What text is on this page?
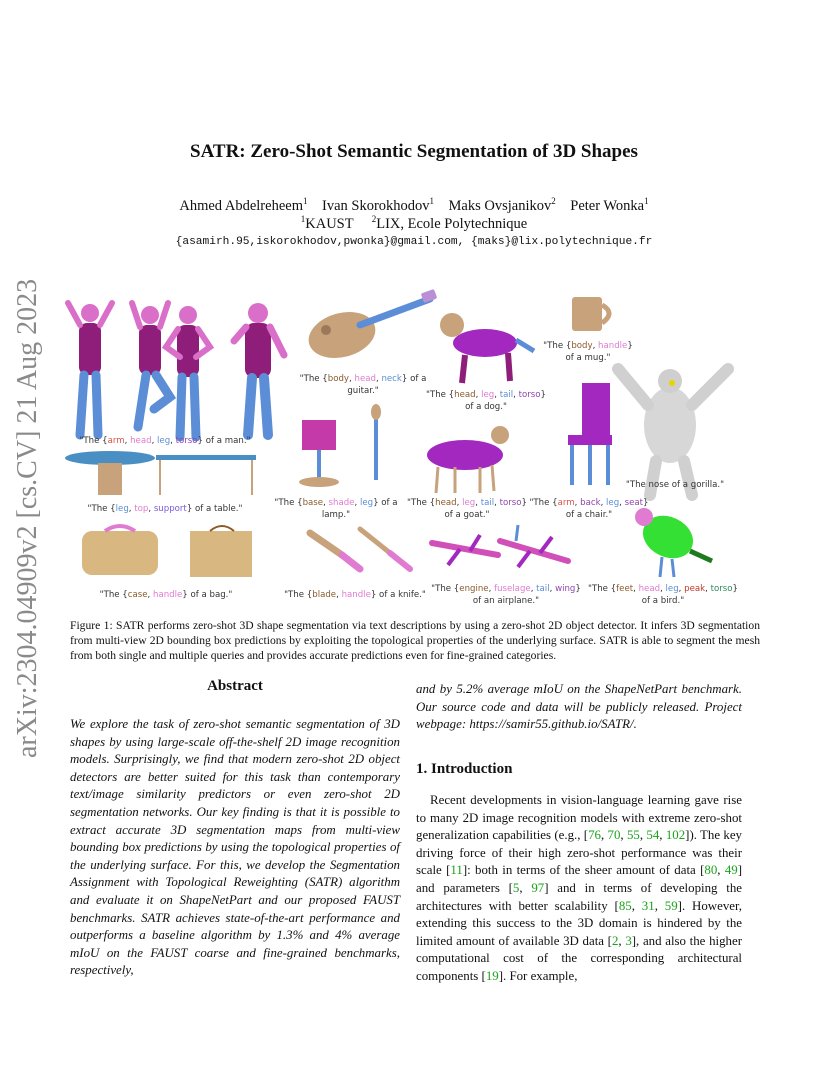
arXiv:2304.04909v2 [cs.CV] 21 Aug 2023
SATR: Zero-Shot Semantic Segmentation of 3D Shapes
Ahmed Abdelreheem$^1$ Ivan Skorokhodov$^1$ Maks Ovsjanikov$^2$ Peter Wonka$^1$
$^1$KAUST $^2$LIX, Ecole Polytechnique
{asamirh.95,iskorokhodov,pwonka}@gmail.com, {maks}@lix.polytechnique.fr
"The {arm, head, leg, torso} of a man."
"The {body, head, neck} of a guitar."	"The {head, leg, tail, torso} of a dog."
"The {body, handle} of a mug."
"The {leg, top, support} of a table."
"The {base, shade, leg} of a lamp."
"The {head, leg, tail, torso} of a goat."
"The {arm, back, leg, seat} of a chair."
"The nose of a gorilla."
"The {case, handle} of a bag."	"The {blade, handle} of a knife."
"The {engine, fuselage, tail, wing} of an airplane."
"The {feet, head, leg, peak, torso} of a bird."
Figure 1: SATR performs zero-shot 3D shape segmentation via text descriptions by using a zero-shot 2D object detector. It infers 3D segmentation from multi-view 2D bounding box predictions by exploiting the topological properties of the underlying surface. SATR is able to segment the mesh from both single and multiple queries and provides accurate predictions even for fine-grained categories.
Abstract
We explore the task of zero-shot semantic segmentation of 3D shapes by using large-scale off-the-shelf 2D image recognition models. Surprisingly, we find that modern zero-shot 2D object detectors are better suited for this task than contemporary text/image similarity predictors or even zero-shot 2D segmentation networks. Our key finding is that it is possible to extract accurate 3D segmentation maps from multi-view bounding box predictions by using the topological properties of the underlying surface. For this, we develop the Segmentation Assignment with Topological Reweighting (SATR) algorithm and evaluate it on ShapeNetPart and our proposed FAUST benchmarks. SATR achieves state-of-the-art performance and outperforms a baseline algorithm by 1.3% and 4% average mIoU on the FAUST coarse and fine-grained benchmarks, respectively,
and by 5.2% average mIoU on the ShapeNetPart benchmark. Our source code and data will be publicly released. Project webpage: https://samir55.github.io/SATR/.
1. Introduction
Recent developments in vision-language learning gave rise to many 2D image recognition models with extreme zero-shot generalization capabilities (e.g., [76, 70, 55, 54, 102]). The key driving force of their high zero-shot performance was their scale [11]: both in terms of the sheer amount of data [80, 49] and parameters [5, 97] and in terms of developing the architectures with better scalability [85, 31, 59]. However, extending this success to the 3D domain is hindered by the limited amount of available 3D data [2, 3], and also the higher computational cost of the corresponding architectural components [19]. For example,
